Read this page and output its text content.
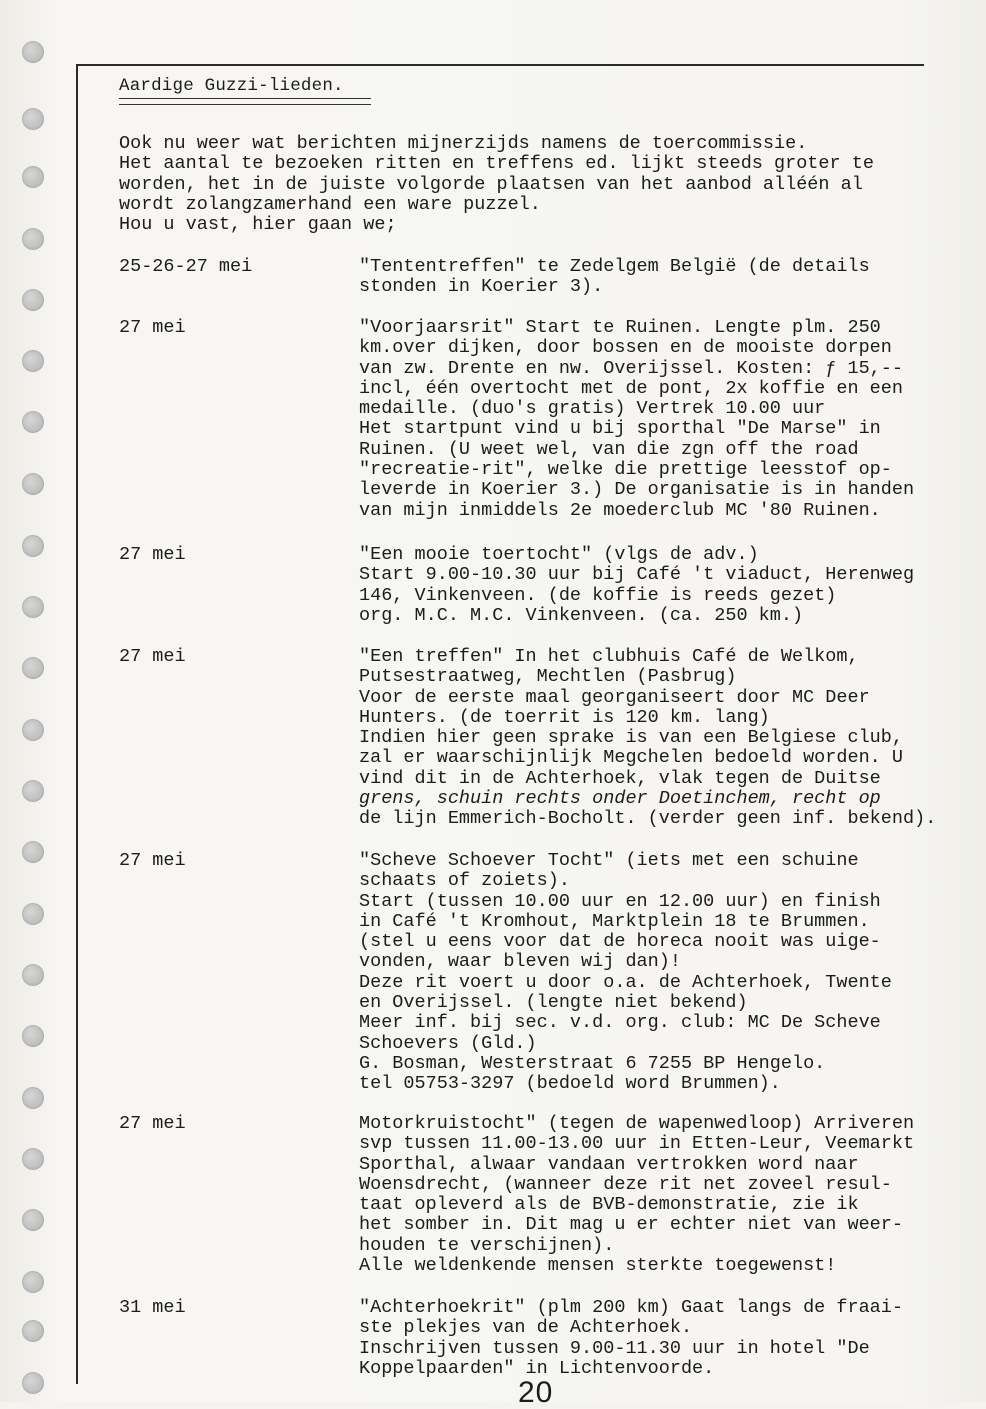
Aardige Guzzi-lieden.
Ook nu weer wat berichten mijnerzijds namens de toercommissie.
Het aantal te bezoeken ritten en treffens ed. lijkt steeds groter te
worden, het in de juiste volgorde plaatsen van het aanbod alléén al
wordt zolangzamerhand een ware puzzel.
Hou u vast, hier gaan we;
25-26-27 mei	"Tententreffen" te Zedelgem België (de details
stonden in Koerier 3).
27 mei	"Voorjaarsrit" Start te Ruinen. Lengte plm. 250
km.over dijken, door bossen en de mooiste dorpen
van zw. Drente en nw. Overijssel. Kosten: ƒ 15,--
incl, één overtocht met de pont, 2x koffie en een
medaille. (duo's gratis) Vertrek 10.00 uur
Het startpunt vind u bij sporthal "De Marse" in
Ruinen. (U weet wel, van die zgn off the road
"recreatie-rit", welke die prettige leesstof op-
leverde in Koerier 3.) De organisatie is in handen
van mijn inmiddels 2e moederclub MC '80 Ruinen.
27 mei	"Een mooie toertocht" (vlgs de adv.)
Start 9.00-10.30 uur bij Café 't viaduct, Herenweg
146, Vinkenveen. (de koffie is reeds gezet)
org. M.C. M.C. Vinkenveen. (ca. 250 km.)
27 mei	"Een treffen" In het clubhuis Café de Welkom,
Putsestraatweg, Mechtlen (Pasbrug)
Voor de eerste maal georganiseert door MC Deer
Hunters. (de toerrit is 120 km. lang)
Indien hier geen sprake is van een Belgiese club,
zal er waarschijnlijk Megchelen bedoeld worden. U
vind dit in de Achterhoek, vlak tegen de Duitse
grens, schuin rechts onder Doetinchem, recht op
de lijn Emmerich-Bocholt. (verder geen inf. bekend).
27 mei	"Scheve Schoever Tocht" (iets met een schuine
schaats of zoiets).
Start (tussen 10.00 uur en 12.00 uur) en finish
in Café 't Kromhout, Marktplein 18 te Brummen.
(stel u eens voor dat de horeca nooit was uige-
vonden, waar bleven wij dan)!
Deze rit voert u door o.a. de Achterhoek, Twente
en Overijssel. (lengte niet bekend)
Meer inf. bij sec. v.d. org. club: MC De Scheve
Schoevers (Gld.)
G. Bosman, Westerstraat 6 7255 BP Hengelo.
tel 05753-3297 (bedoeld word Brummen).
27 mei	Motorkruistocht" (tegen de wapenwedloop) Arriveren
svp tussen 11.00-13.00 uur in Etten-Leur, Veemarkt
Sporthal, alwaar vandaan vertrokken word naar
Woensdrecht, (wanneer deze rit net zoveel resul-
taat opleverd als de BVB-demonstratie, zie ik
het somber in. Dit mag u er echter niet van weer-
houden te verschijnen).
Alle weldenkende mensen sterkte toegewenst!
31 mei	"Achterhoekrit" (plm 200 km) Gaat langs de fraai-
ste plekjes van de Achterhoek.
Inschrijven tussen 9.00-11.30 uur in hotel "De
Koppelpaarden" in Lichtenvoorde.
20
